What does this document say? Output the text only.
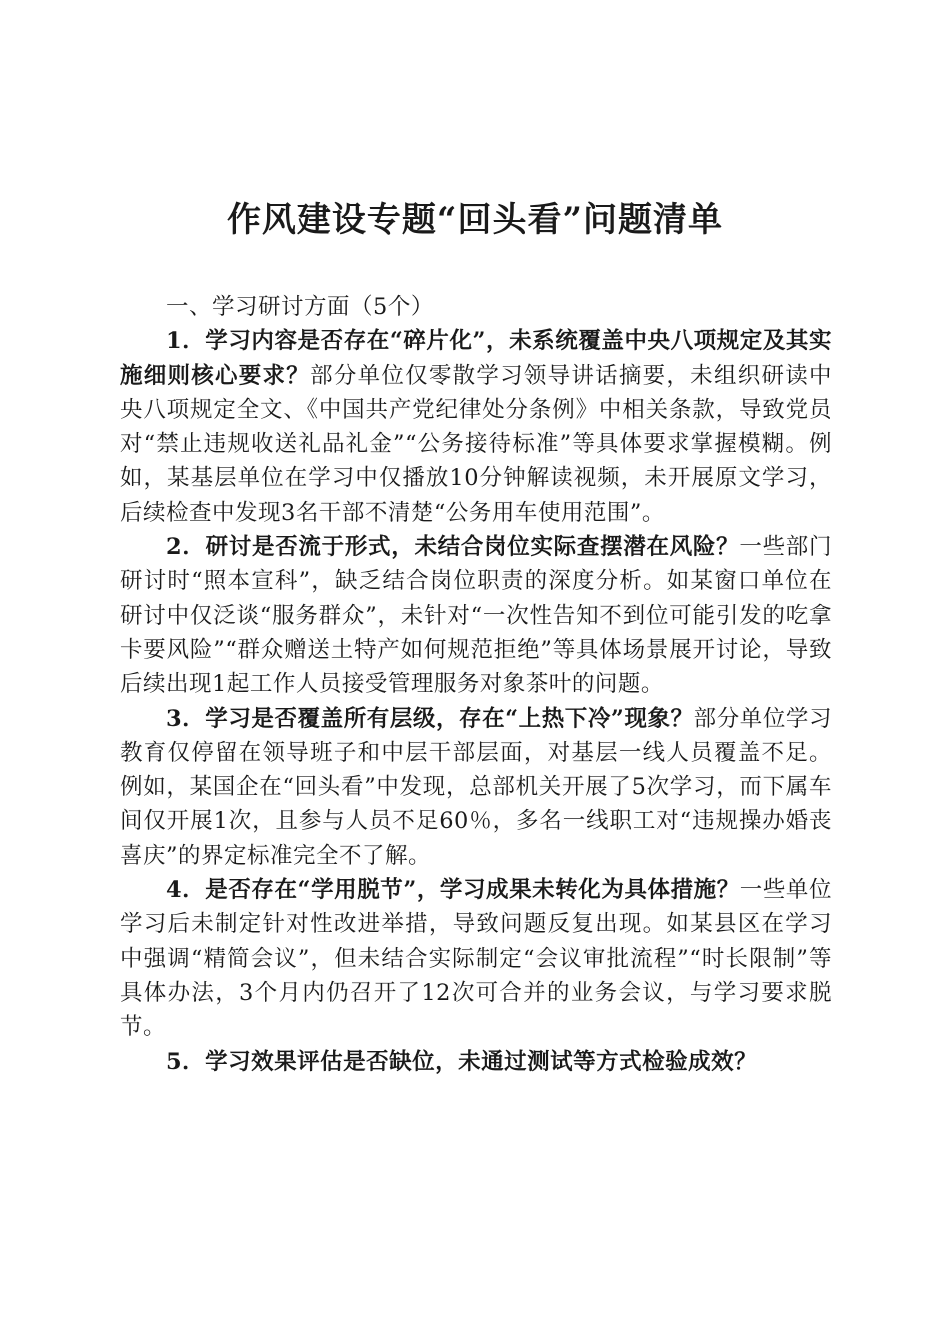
作风建设专题“回头看”问题清单

一、学习研讨方面（5个）

1．学习内容是否存在“碎片化”，未系统覆盖中央八项规定及其实施细则核心要求？部分单位仅零散学习领导讲话摘要，未组织研读中央八项规定全文、《中国共产党纪律处分条例》中相关条款，导致党员对“禁止违规收送礼品礼金”“公务接待标准”等具体要求掌握模糊。例如，某基层单位在学习中仅播放10分钟解读视频，未开展原文学习，后续检查中发现3名干部不清楚“公务用车使用范围”。

2．研讨是否流于形式，未结合岗位实际查摆潜在风险？一些部门研讨时“照本宣科”，缺乏结合岗位职责的深度分析。如某窗口单位在研讨中仅泛谈“服务群众”，未针对“一次性告知不到位可能引发的吃拿卡要风险”“群众赠送土特产如何规范拒绝”等具体场景展开讨论，导致后续出现1起工作人员接受管理服务对象茶叶的问题。

3．学习是否覆盖所有层级，存在“上热下冷”现象？部分单位学习教育仅停留在领导班子和中层干部层面，对基层一线人员覆盖不足。例如，某国企在“回头看”中发现，总部机关开展了5次学习，而下属车间仅开展1次，且参与人员不足60％，多名一线职工对“违规操办婚丧喜庆”的界定标准完全不了解。

4．是否存在“学用脱节”，学习成果未转化为具体措施？一些单位学习后未制定针对性改进举措，导致问题反复出现。如某县区在学习中强调“精简会议”，但未结合实际制定“会议审批流程”“时长限制”等具体办法，3个月内仍召开了12次可合并的业务会议，与学习要求脱节。

5．学习效果评估是否缺位，未通过测试等方式检验成效？
